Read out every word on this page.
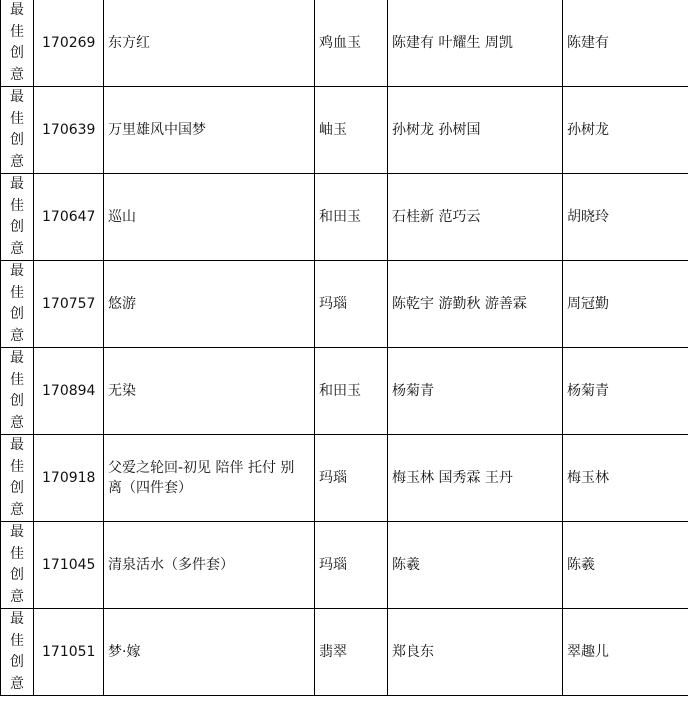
最佳创意	170269	东方红	鸡血玉	陈建有 叶耀生 周凯	陈建有

最佳创意	170639	万里雄风中国梦	岫玉	孙树龙 孙树国	孙树龙

最佳创意	170647	巡山	和田玉	石桂新 范巧云	胡晓玲

最佳创意	170757	悠游	玛瑙	陈乾宇 游勤秋 游善霖	周冠勤

最佳创意	170894	无染	和田玉	杨菊青	杨菊青

最佳创意	170918	父爱之轮回-初见 陪伴 托付 别离（四件套）	玛瑙	梅玉林 国秀霖 王丹	梅玉林

最佳创意	171045	清泉活水（多件套）	玛瑙	陈羲	陈羲

最佳创意	171051	梦·嫁	翡翠	郑良东	翠趣儿
